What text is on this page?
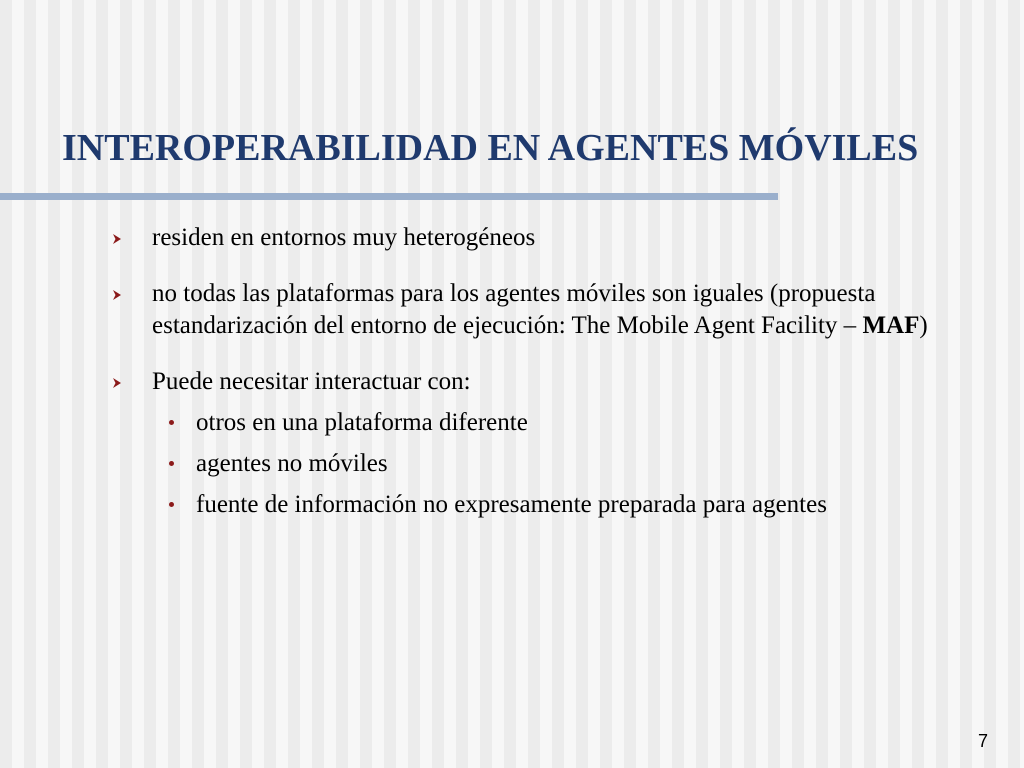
INTEROPERABILIDAD EN AGENTES MÓVILES
residen en entornos muy heterogéneos
no todas las plataformas para los agentes móviles son iguales (propuesta estandarización del entorno de ejecución: The Mobile Agent Facility – MAF)
Puede necesitar interactuar con:
otros en una plataforma diferente
agentes no móviles
fuente de información no expresamente preparada para agentes
7
